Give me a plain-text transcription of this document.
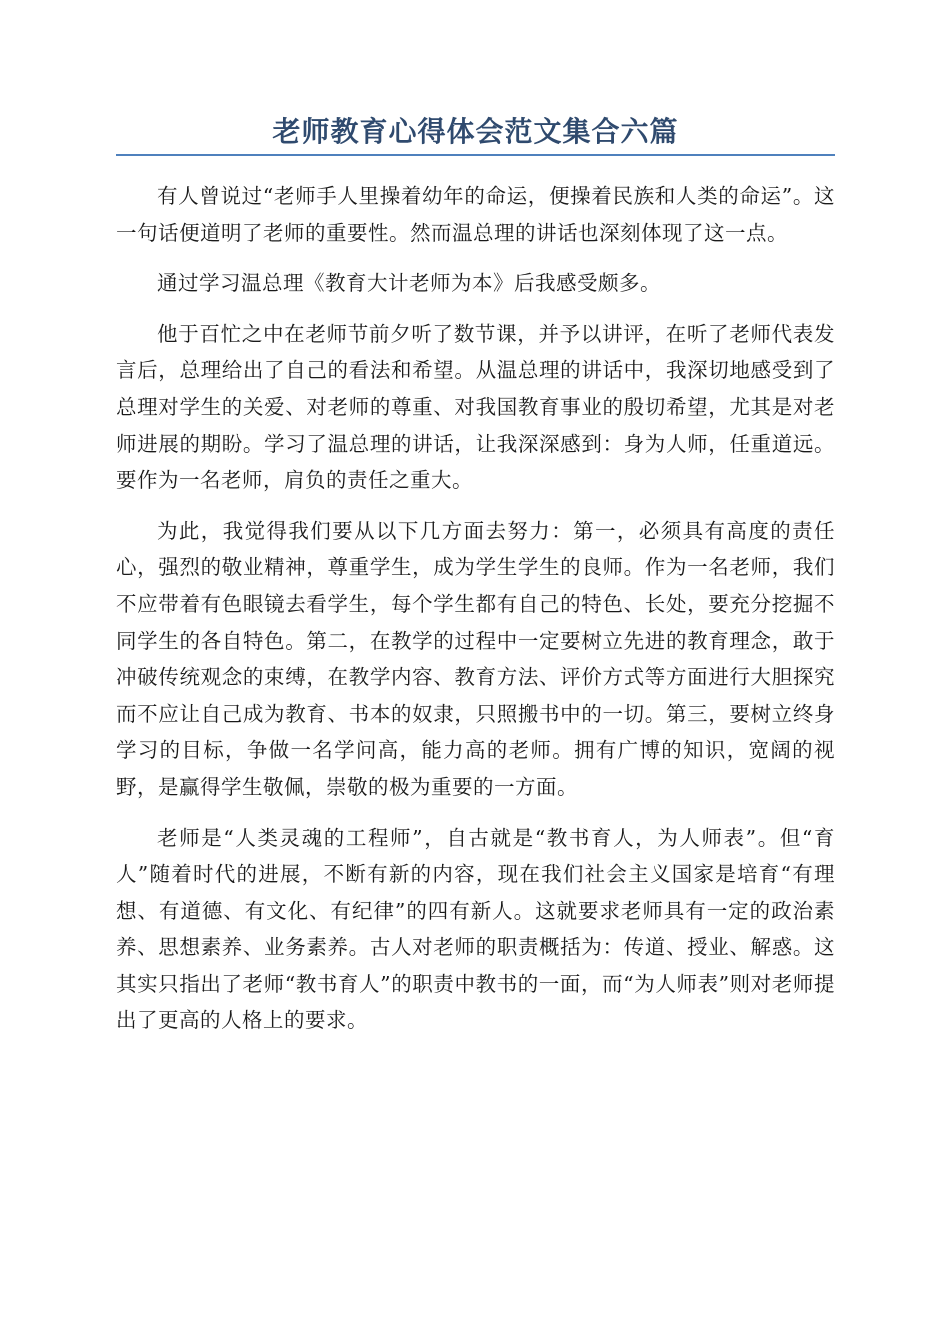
老师教育心得体会范文集合六篇

有人曾说过“老师手人里操着幼年的命运，便操着民族和人类的命运”。这一句话便道明了老师的重要性。然而温总理的讲话也深刻体现了这一点。

通过学习温总理《教育大计老师为本》后我感受颇多。

他于百忙之中在老师节前夕听了数节课，并予以讲评，在听了老师代表发言后，总理给出了自己的看法和希望。从温总理的讲话中，我深切地感受到了总理对学生的关爱、对老师的尊重、对我国教育事业的殷切希望，尤其是对老师进展的期盼。学习了温总理的讲话，让我深深感到：身为人师，任重道远。要作为一名老师，肩负的责任之重大。

为此，我觉得我们要从以下几方面去努力：第一，必须具有高度的责任心，强烈的敬业精神，尊重学生，成为学生学生的良师。作为一名老师，我们不应带着有色眼镜去看学生，每个学生都有自己的特色、长处，要充分挖掘不同学生的各自特色。第二，在教学的过程中一定要树立先进的教育理念，敢于冲破传统观念的束缚，在教学内容、教育方法、评价方式等方面进行大胆探究而不应让自己成为教育、书本的奴隶，只照搬书中的一切。第三，要树立终身学习的目标，争做一名学问高，能力高的老师。拥有广博的知识，宽阔的视野，是赢得学生敬佩，崇敬的极为重要的一方面。

老师是“人类灵魂的工程师”，自古就是“教书育人，为人师表”。但“育人”随着时代的进展，不断有新的内容，现在我们社会主义国家是培育“有理想、有道德、有文化、有纪律”的四有新人。这就要求老师具有一定的政治素养、思想素养、业务素养。古人对老师的职责概括为：传道、授业、解惑。这其实只指出了老师“教书育人”的职责中教书的一面，而“为人师表”则对老师提出了更高的人格上的要求。
